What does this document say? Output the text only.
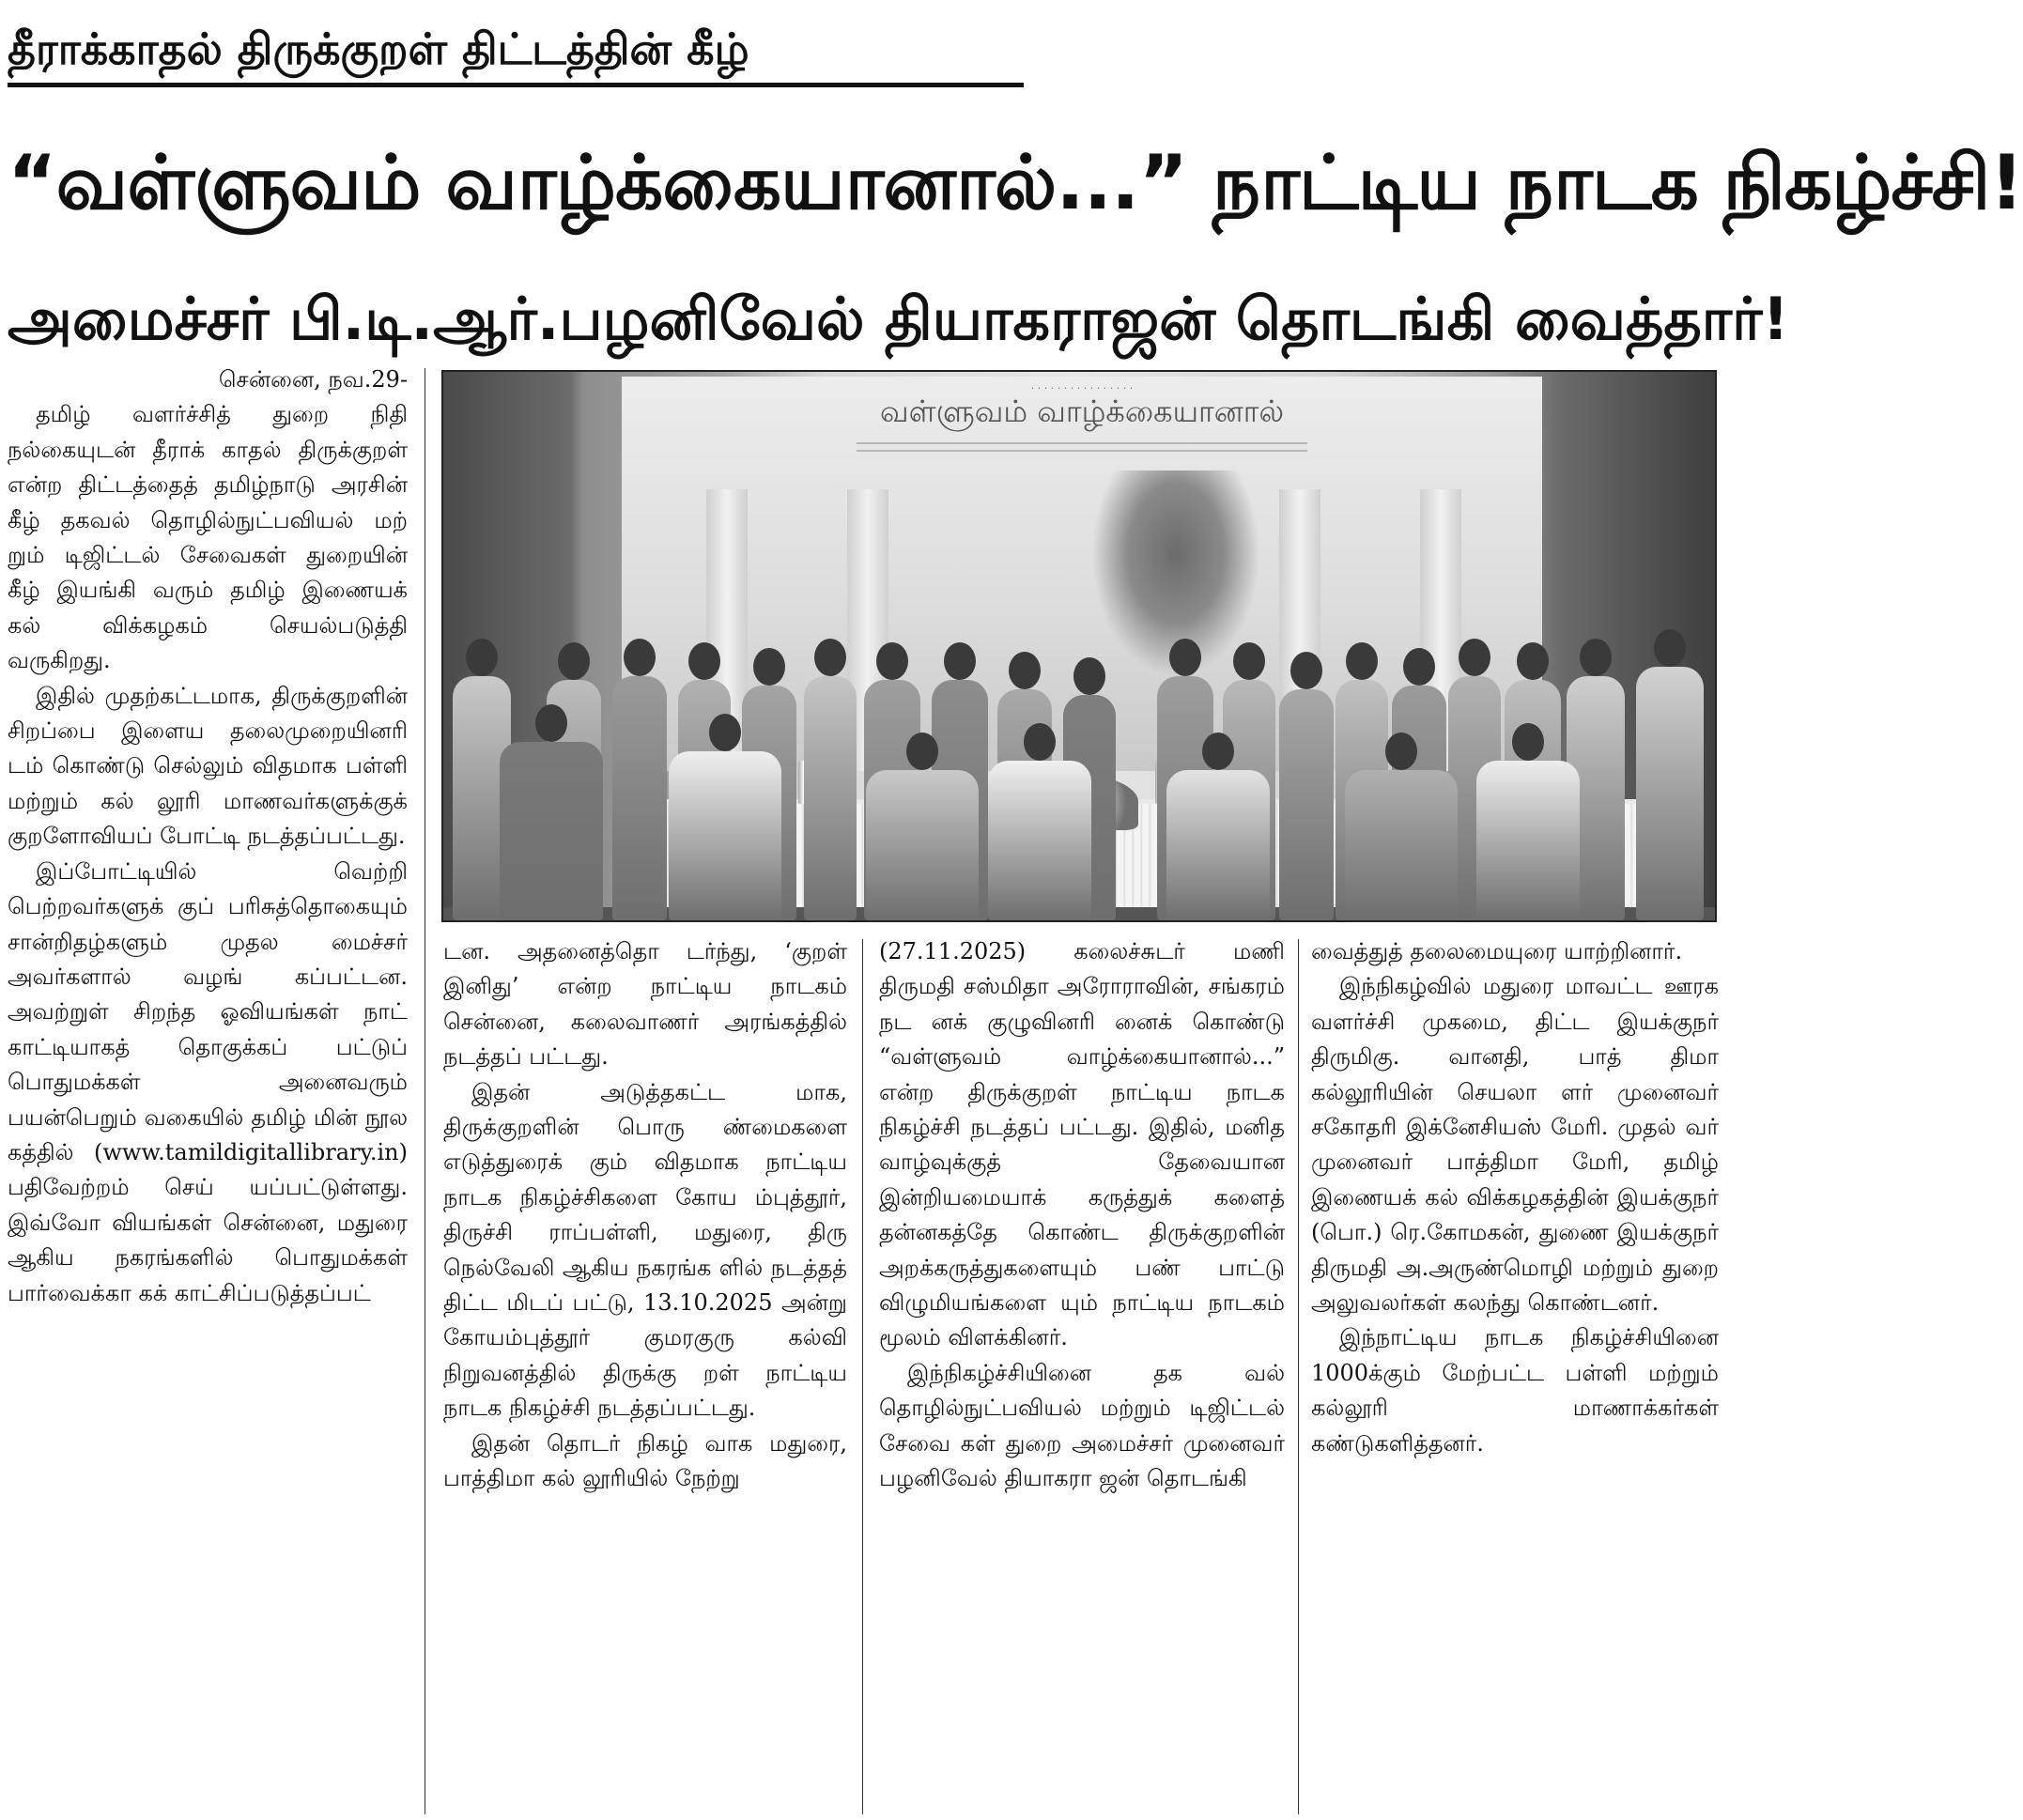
தீராக்காதல் திருக்குறள் திட்டத்தின் கீழ்
“வள்ளுவம் வாழ்க்கையானால்...” நாட்டிய நாடக நிகழ்ச்சி!
அமைச்சர் பி.டி.ஆர்.பழனிவேல் தியாகராஜன் தொடங்கி வைத்தார்!

சென்னை, நவ.29-

தமிழ் வளர்ச்சித் துறை நிதி நல்கையுடன் தீராக் காதல் திருக்குறள் என்ற திட்டத்தைத் தமிழ்நாடு அரசின் கீழ் தகவல் தொழில்நுட்பவியல் மற் றும் டிஜிட்டல் சேவைகள் துறையின் கீழ் இயங்கி வரும் தமிழ் இணையக் கல் விக்கழகம் செயல்படுத்தி வருகிறது.

இதில் முதற்கட்டமாக, திருக்குறளின் சிறப்பை இளைய தலைமுறையினரி டம் கொண்டு செல்லும் விதமாக பள்ளி மற்றும் கல் லூரி மாணவர்களுக்குக் குறளோவியப் போட்டி நடத்தப்பட்டது.

இப்போட்டியில் வெற்றி பெற்றவர்களுக் குப் பரிசுத்தொகையும் சான்றிதழ்களும் முதல மைச்சர் அவர்களால் வழங் கப்பட்டன. அவற்றுள் சிறந்த ஓவியங்கள் நாட் காட்டியாகத் தொகுக்கப் பட்டுப் பொதுமக்கள் அனைவரும் பயன்பெறும் வகையில் தமிழ் மின் நூல கத்தில் (www.tamildigitallibrary.in) பதிவேற்றம் செய் யப்பட்டுள்ளது. இவ்வோ வியங்கள் சென்னை, மதுரை ஆகிய நகரங்களில் பொதுமக்கள் பார்வைக்கா கக் காட்சிப்படுத்தப்பட்

· · · · · · · · · · · · · · · ·
வள்ளுவம் வாழ்க்கையானால்

டன. அதனைத்தொ டர்ந்து, ‘குறள் இனிது’ என்ற நாட்டிய நாடகம் சென்னை, கலைவாணர் அரங்கத்தில் நடத்தப் பட்டது.

இதன் அடுத்தகட்ட மாக, திருக்குறளின் பொரு ண்மைகளை எடுத்துரைக் கும் விதமாக நாட்டிய நாடக நிகழ்ச்சிகளை கோய ம்புத்தூர், திருச்சி ராப்பள்ளி, மதுரை, திரு நெல்வேலி ஆகிய நகரங்க ளில் நடத்தத் திட்ட மிடப் பட்டு, 13.10.2025 அன்று கோயம்புத்தூர் குமரகுரு கல்வி நிறுவனத்தில் திருக்கு றள் நாட்டிய நாடக நிகழ்ச்சி நடத்தப்பட்டது.

இதன் தொடர் நிகழ் வாக மதுரை, பாத்திமா கல் லூரியில் நேற்று

(27.11.2025) கலைச்சுடர் மணி திருமதி சஸ்மிதா அரோராவின், சங்கரம் நட னக் குழுவினரி னைக் கொண்டு “வள்ளுவம் வாழ்க்கையானால்...” என்ற திருக்குறள் நாட்டிய நாடக நிகழ்ச்சி நடத்தப் பட்டது. இதில், மனித வாழ்வுக்குத் தேவையான இன்றியமையாக் கருத்துக் களைத் தன்னகத்தே கொண்ட திருக்குறளின் அறக்கருத்துகளையும் பண் பாட்டு விழுமியங்களை யும் நாட்டிய நாடகம் மூலம் விளக்கினர்.

இந்நிகழ்ச்சியினை தக வல் தொழில்நுட்பவியல் மற்றும் டிஜிட்டல் சேவை கள் துறை அமைச்சர் முனைவர் பழனிவேல் தியாகரா ஜன் தொடங்கி

வைத்துத் தலைமையுரை யாற்றினார்.

இந்நிகழ்வில் மதுரை மாவட்ட ஊரக வளர்ச்சி முகமை, திட்ட இயக்குநர் திருமிகு. வானதி, பாத் திமா கல்லூரியின் செயலா ளர் முனைவர் சகோதரி இக்னேசியஸ் மேரி. முதல் வர் முனைவர் பாத்திமா மேரி, தமிழ் இணையக் கல் விக்கழகத்தின் இயக்குநர் (பொ.) ரெ.கோமகன், துணை இயக்குநர் திருமதி அ.அருண்மொழி மற்றும் துறை அலுவலர்கள் கலந்து கொண்டனர்.

இந்நாட்டிய நாடக நிகழ்ச்சியினை 1000க்கும் மேற்பட்ட பள்ளி மற்றும் கல்லூரி மாணாக்கர்கள் கண்டுகளித்தனர்.
